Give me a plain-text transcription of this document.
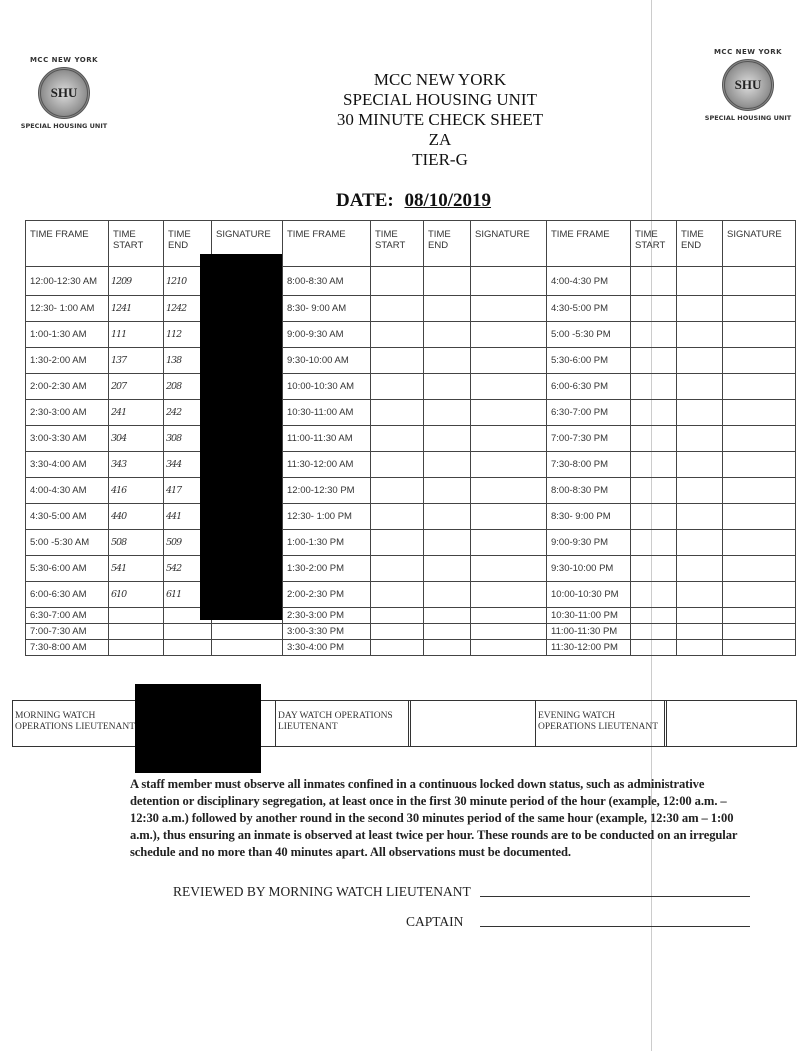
MCC NEW YORK
SHU
SPECIAL HOUSING UNIT
MCC NEW YORK
SHU
SPECIAL HOUSING UNIT
MCC NEW YORK
SPECIAL HOUSING UNIT
30 MINUTE CHECK SHEET
ZA
TIER-G
DATE: 08/10/2019
TIME FRAME	TIME START	TIME END	SIGNATURE	TIME FRAME	TIME START	TIME END	SIGNATURE	TIME FRAME	TIME START	TIME END	SIGNATURE
12:00-12:30 AM	1209	1210		8:00-8:30 AM				4:00-4:30 PM			
12:30- 1:00 AM	1241	1242		8:30- 9:00 AM				4:30-5:00 PM			
1:00-1:30 AM	111	112		9:00-9:30 AM				5:00 -5:30 PM			
1:30-2:00 AM	137	138		9:30-10:00 AM				5:30-6:00 PM			
2:00-2:30 AM	207	208		10:00-10:30 AM				6:00-6:30 PM			
2:30-3:00 AM	241	242		10:30-11:00 AM				6:30-7:00 PM			
3:00-3:30 AM	304	308		11:00-11:30 AM				7:00-7:30 PM			
3:30-4:00 AM	343	344		11:30-12:00 AM				7:30-8:00 PM			
4:00-4:30 AM	416	417		12:00-12:30 PM				8:00-8:30 PM			
4:30-5:00 AM	440	441		12:30- 1:00 PM				8:30- 9:00 PM			
5:00 -5:30 AM	508	509		1:00-1:30 PM				9:00-9:30 PM			
5:30-6:00 AM	541	542		1:30-2:00 PM				9:30-10:00 PM			
6:00-6:30 AM	610	611		2:00-2:30 PM				10:00-10:30 PM			
6:30-7:00 AM				2:30-3:00 PM				10:30-11:00 PM			
7:00-7:30 AM				3:00-3:30 PM				11:00-11:30 PM			
7:30-8:00 AM				3:30-4:00 PM				11:30-12:00 PM			
MORNING WATCH OPERATIONS LIEUTENANT
DAY WATCH OPERATIONS LIEUTENANT
EVENING WATCH OPERATIONS LIEUTENANT
A staff member must observe all inmates confined in a continuous locked down status, such as administrative detention or disciplinary segregation, at least once in the first 30 minute period of the hour (example, 12:00 a.m. – 12:30 a.m.) followed by another round in the second 30 minutes period of the same hour (example, 12:30 am – 1:00 a.m.), thus ensuring an inmate is observed at least twice per hour. These rounds are to be conducted on an irregular schedule and no more than 40 minutes apart. All observations must be documented.
REVIEWED BY MORNING WATCH LIEUTENANT
CAPTAIN
